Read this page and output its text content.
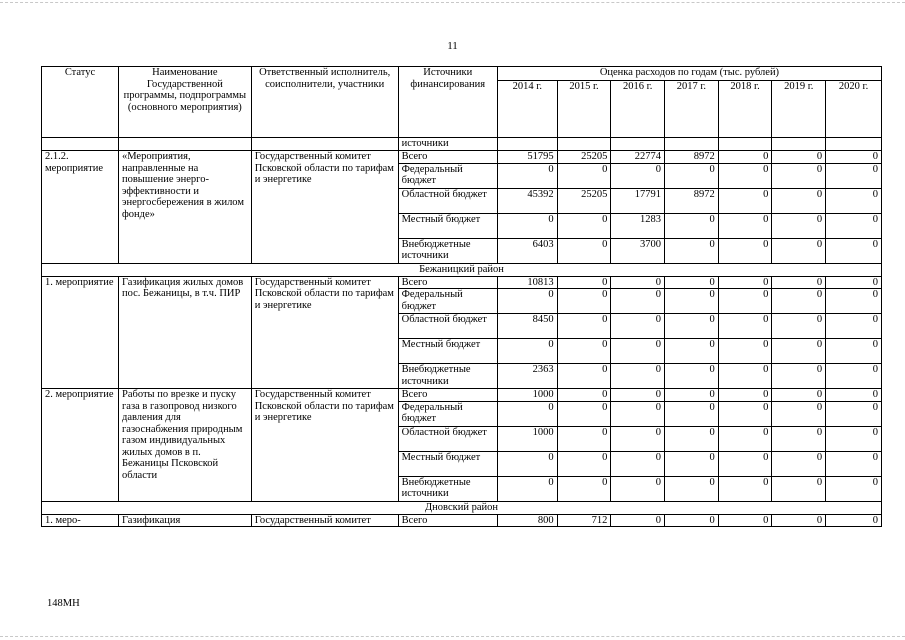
11
Статус	Наименование Государственной программы, подпрограммы (основного мероприятия)	Ответственный исполнитель, соисполнители, участники	Источники финансирования	Оценка расходов по годам (тыс. рублей)						
				2014 г.	2015 г.	2016 г.	2017 г.	2018 г.	2019 г.	2020 г.
			источники							
2.1.2. мероприятие	«Мероприятия, направленные на повышение энерго-эффективности и энергосбережения в жилом фонде»	Государственный комитет Псковской области по тарифам и энергетике	Всего	51795	25205	22774	8972	0	0	0
			Федеральный бюджет	0	0	0	0	0	0	0
			Областной бюджет	45392	25205	17791	8972	0	0	0
			Местный бюджет	0	0	1283	0	0	0	0
			Внебюджетные источники	6403	0	3700	0	0	0	0
Бежаницкий район										
1. мероприятие	Газификация жилых домов пос. Бежаницы, в т.ч. ПИР	Государственный комитет Псковской области по тарифам и энергетике	Всего	10813	0	0	0	0	0	0
			Федеральный бюджет	0	0	0	0	0	0	0
			Областной бюджет	8450	0	0	0	0	0	0
			Местный бюджет	0	0	0	0	0	0	0
			Внебюджетные источники	2363	0	0	0	0	0	0
2. мероприятие	Работы по врезке и пуску газа в газопровод низкого давления для газоснабжения природным газом индивидуальных жилых домов в п. Бежаницы Псковской области	Государственный комитет Псковской области по тарифам и энергетике	Всего	1000	0	0	0	0	0	0
			Федеральный бюджет	0	0	0	0	0	0	0
			Областной бюджет	1000	0	0	0	0	0	0
			Местный бюджет	0	0	0	0	0	0	0
			Внебюджетные источники	0	0	0	0	0	0	0
Дновский район										
1. меро-	Газификация	Государственный комитет	Всего	800	712	0	0	0	0	0
148МН
